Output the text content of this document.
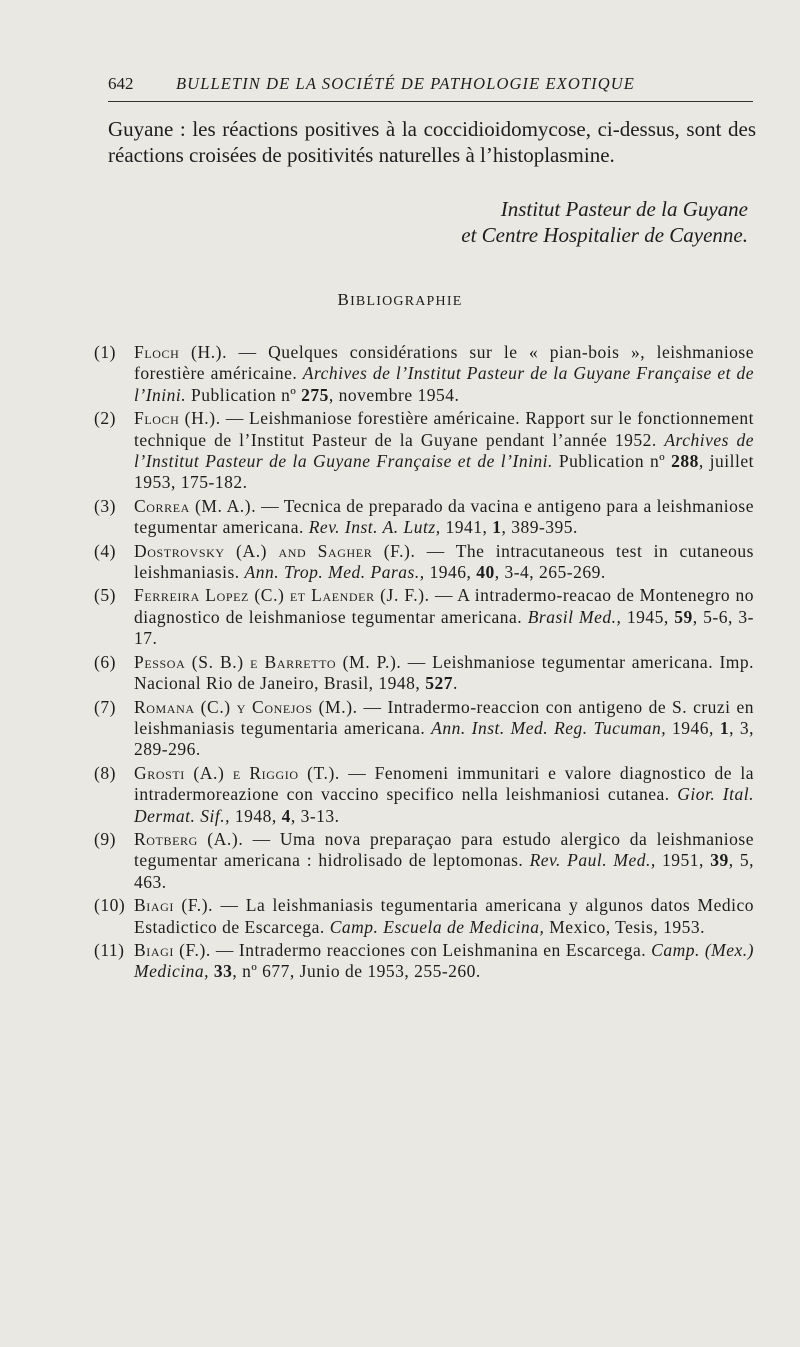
642	BULLETIN DE LA SOCIÉTÉ DE PATHOLOGIE EXOTIQUE

Guyane : les réactions positives à la coccidioidomycose, ci-dessus, sont des réactions croisées de positivités naturelles à l’histoplasmine.

Institut Pasteur de la Guyane
et Centre Hospitalier de Cayenne.
BIBLIOGRAPHIE
(1)	Floch (H.). — Quelques considérations sur le « pian-bois », leishmaniose forestière américaine. Archives de l’Institut Pasteur de la Guyane Française et de l’Inini. Publication nº 275, novembre 1954.
(2)	Floch (H.). — Leishmaniose forestière américaine. Rapport sur le fonctionnement technique de l’Institut Pasteur de la Guyane pendant l’année 1952. Archives de l’Institut Pasteur de la Guyane Française et de l’Inini. Publication nº 288, juillet 1953, 175-182.
(3)	Correa (M. A.). — Tecnica de preparado da vacina e antigeno para a leishmaniose tegumentar americana. Rev. Inst. A. Lutz, 1941, 1, 389-395.
(4)	Dostrovsky (A.) and Sagher (F.). — The intracutaneous test in cutaneous leishmaniasis. Ann. Trop. Med. Paras., 1946, 40, 3-4, 265-269.
(5)	Ferreira Lopez (C.) et Laender (J. F.). — A intradermo-reacao de Montenegro no diagnostico de leishmaniose tegumentar americana. Brasil Med., 1945, 59, 5-6, 3-17.
(6)	Pessoa (S. B.) e Barretto (M. P.). — Leishmaniose tegumentar americana. Imp. Nacional Rio de Janeiro, Brasil, 1948, 527.
(7)	Romana (C.) y Conejos (M.). — Intradermo-reaccion con antigeno de S. cruzi en leishmaniasis tegumentaria americana. Ann. Inst. Med. Reg. Tucuman, 1946, 1, 3, 289-296.
(8)	Grosti (A.) e Riggio (T.). — Fenomeni immunitari e valore diagnostico de la intradermoreazione con vaccino specifico nella leishmaniosi cutanea. Gior. Ital. Dermat. Sif., 1948, 4, 3-13.
(9)	Rotberg (A.). — Uma nova preparaçao para estudo alergico da leishmaniose tegumentar americana : hidrolisado de leptomonas. Rev. Paul. Med., 1951, 39, 5, 463.
(10) Biagi (F.). — La leishmaniasis tegumentaria americana y algunos datos Medico Estadictico de Escarcega. Camp. Escuela de Medicina, Mexico, Tesis, 1953.
(11) Biagi (F.). — Intradermo reacciones con Leishmanina en Escarcega. Camp. (Mex.) Medicina, 33, nº 677, Junio de 1953, 255-260.
